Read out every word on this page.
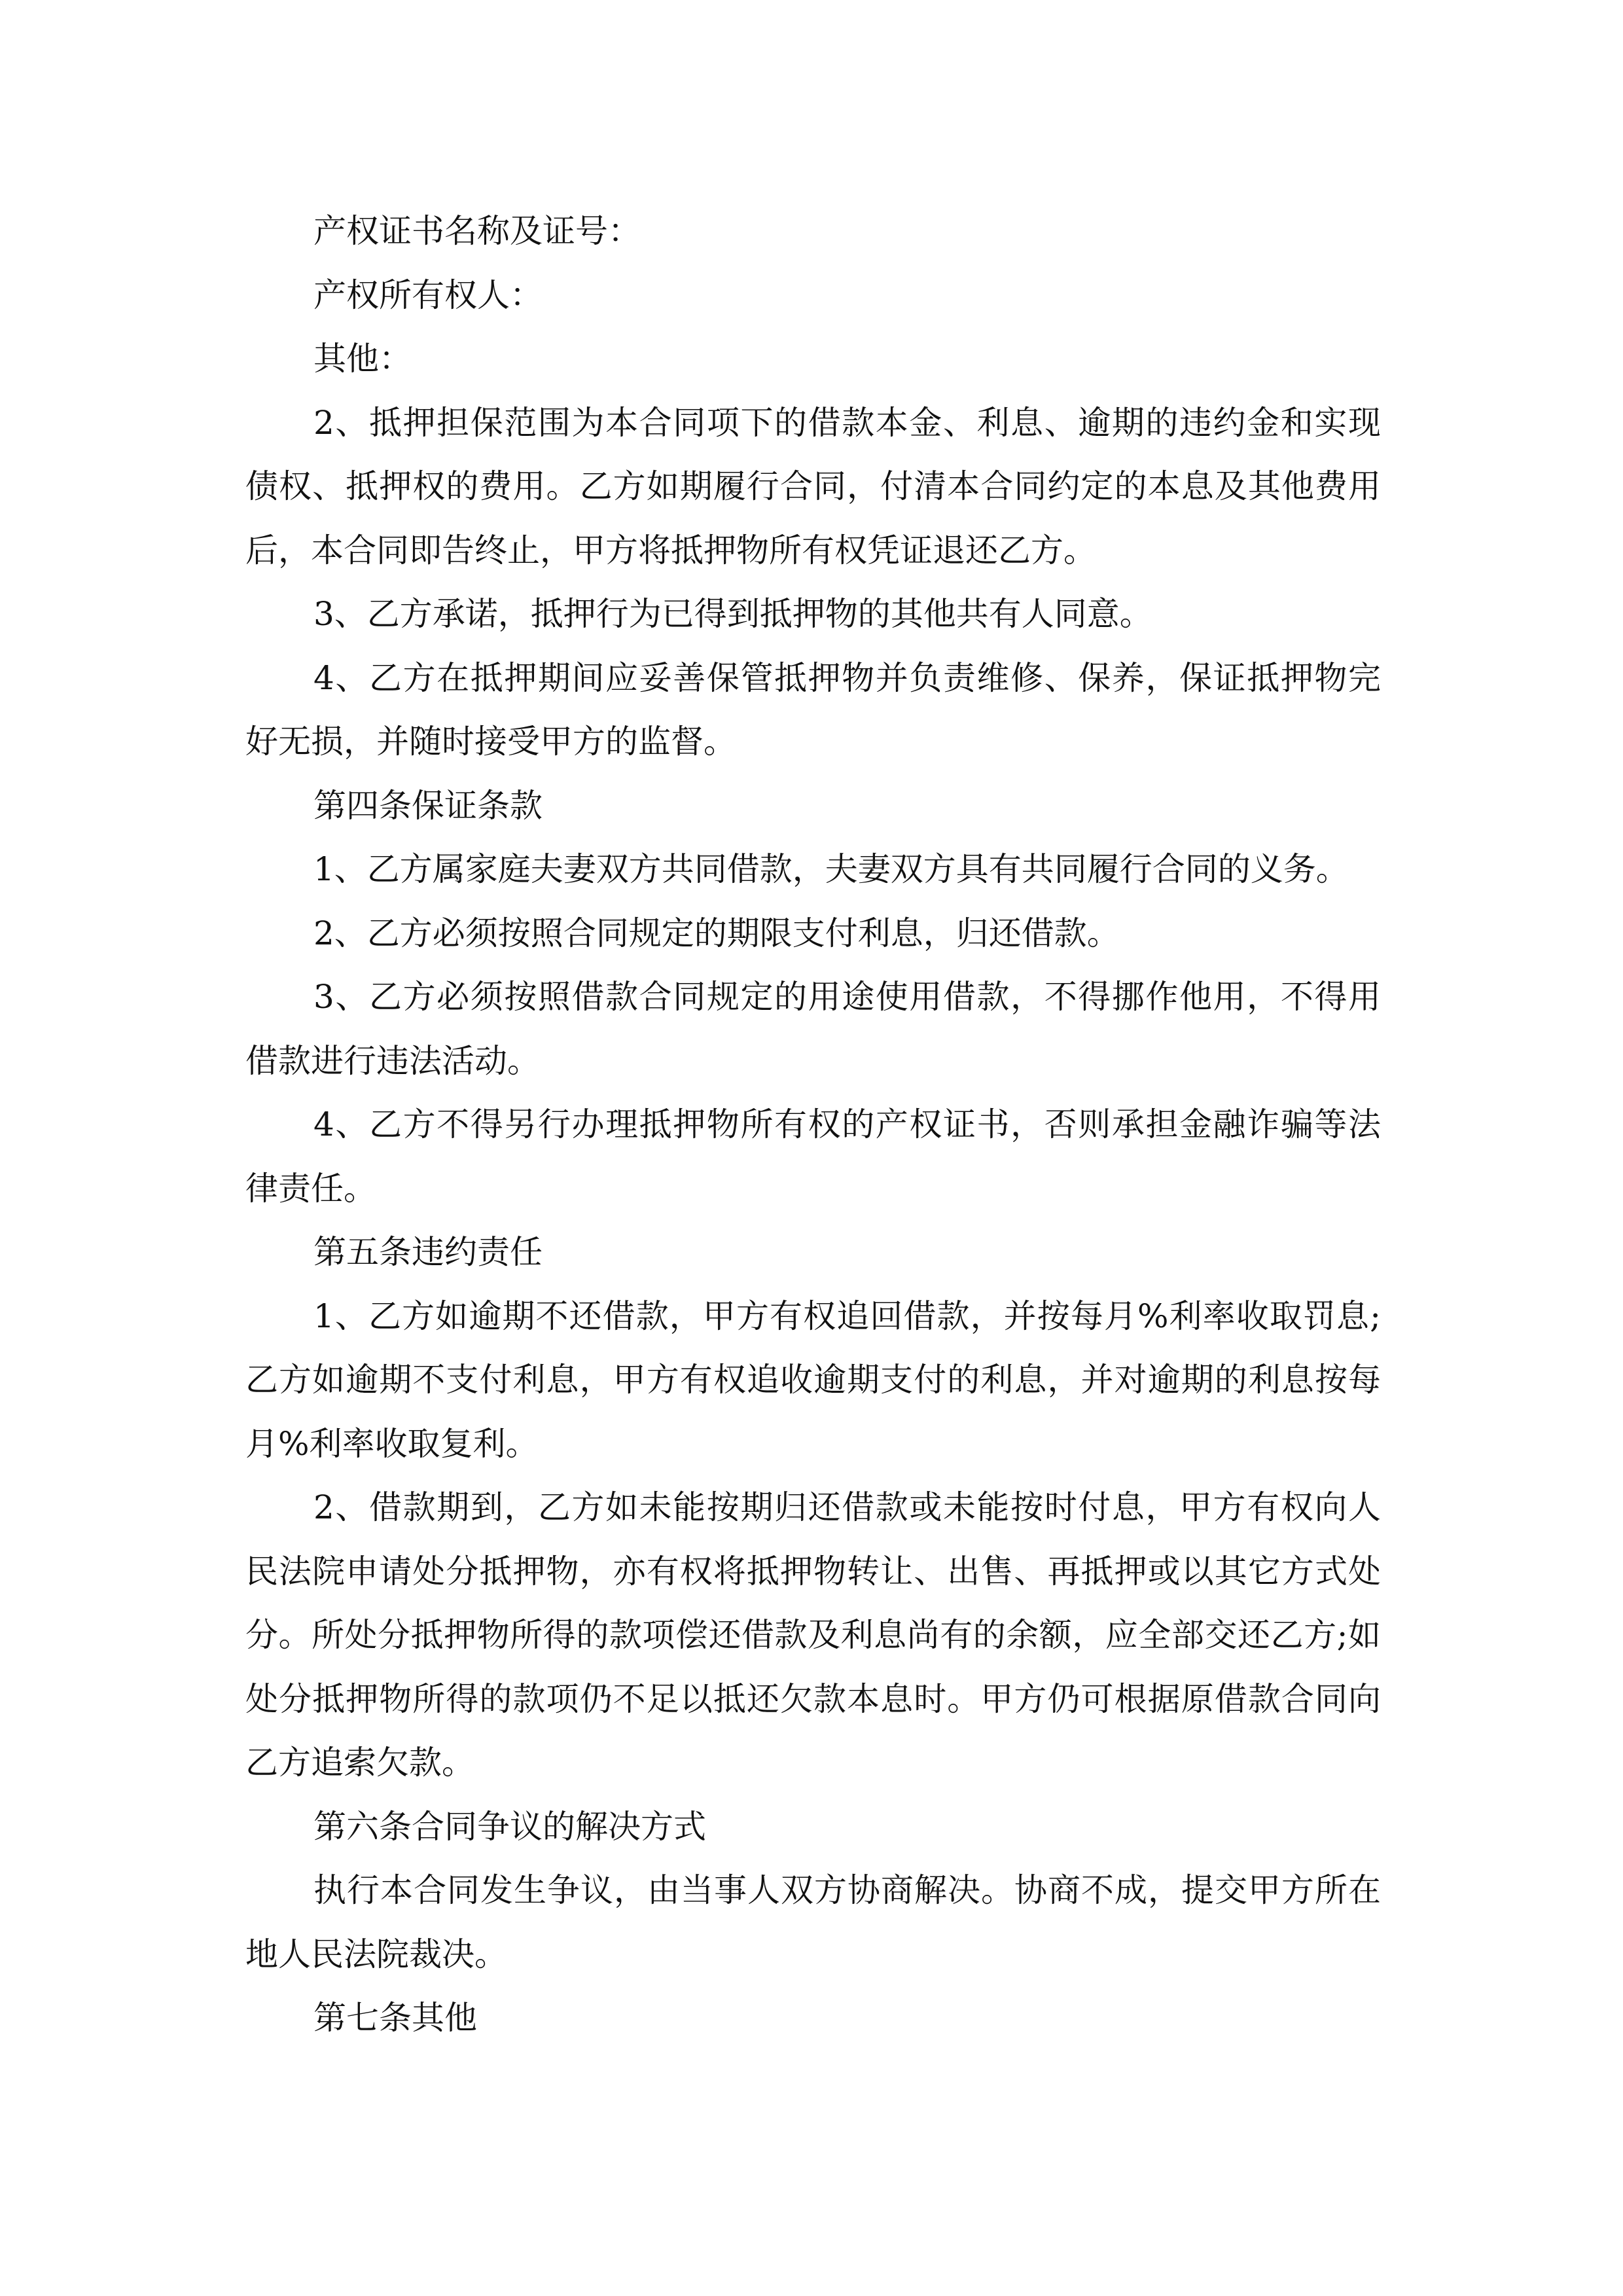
产权证书名称及证号：

产权所有权人：

其他：

2、抵押担保范围为本合同项下的借款本金、利息、逾期的违约金和实现债权、抵押权的费用。乙方如期履行合同，付清本合同约定的本息及其他费用后，本合同即告终止，甲方将抵押物所有权凭证退还乙方。

3、乙方承诺，抵押行为已得到抵押物的其他共有人同意。

4、乙方在抵押期间应妥善保管抵押物并负责维修、保养，保证抵押物完好无损，并随时接受甲方的监督。

第四条保证条款

1、乙方属家庭夫妻双方共同借款，夫妻双方具有共同履行合同的义务。

2、乙方必须按照合同规定的期限支付利息，归还借款。

3、乙方必须按照借款合同规定的用途使用借款，不得挪作他用，不得用借款进行违法活动。

4、乙方不得另行办理抵押物所有权的产权证书，否则承担金融诈骗等法律责任。

第五条违约责任

1、乙方如逾期不还借款，甲方有权追回借款，并按每月%利率收取罚息;乙方如逾期不支付利息，甲方有权追收逾期支付的利息，并对逾期的利息按每月%利率收取复利。

2、借款期到，乙方如未能按期归还借款或未能按时付息，甲方有权向人民法院申请处分抵押物，亦有权将抵押物转让、出售、再抵押或以其它方式处分。所处分抵押物所得的款项偿还借款及利息尚有的余额，应全部交还乙方;如处分抵押物所得的款项仍不足以抵还欠款本息时。甲方仍可根据原借款合同向乙方追索欠款。

第六条合同争议的解决方式

执行本合同发生争议，由当事人双方协商解决。协商不成，提交甲方所在地人民法院裁决。

第七条其他
